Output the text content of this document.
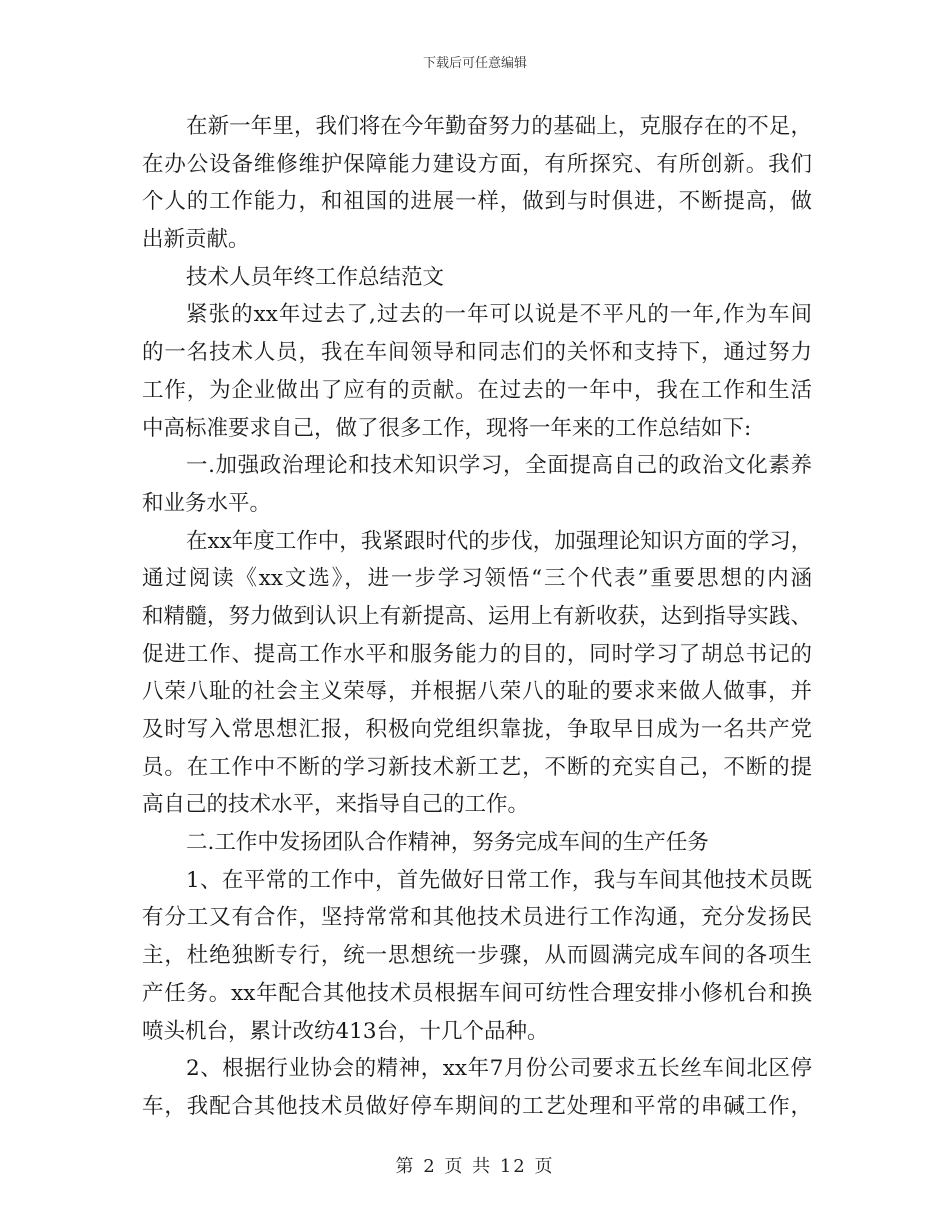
下载后可任意编辑
在新一年里，我们将在今年勤奋努力的基础上，克服存在的不足，
在办公设备维修维护保障能力建设方面，有所探究、有所创新。我们
个人的工作能力，和祖国的进展一样，做到与时俱进，不断提高，做
出新贡献。
技术人员年终工作总结范文
紧张的xx年过去了,过去的一年可以说是不平凡的一年,作为车间
的一名技术人员，我在车间领导和同志们的关怀和支持下，通过努力
工作，为企业做出了应有的贡献。在过去的一年中，我在工作和生活
中高标准要求自己，做了很多工作，现将一年来的工作总结如下:
一.加强政治理论和技术知识学习，全面提高自己的政治文化素养
和业务水平。
在xx年度工作中，我紧跟时代的步伐，加强理论知识方面的学习，
通过阅读《xx文选》，进一步学习领悟“三个代表”重要思想的内涵
和精髓，努力做到认识上有新提高、运用上有新收获，达到指导实践、
促进工作、提高工作水平和服务能力的目的，同时学习了胡总书记的
八荣八耻的社会主义荣辱，并根据八荣八的耻的要求来做人做事，并
及时写入常思想汇报，积极向党组织靠拢，争取早日成为一名共产党
员。在工作中不断的学习新技术新工艺，不断的充实自己，不断的提
高自己的技术水平，来指导自己的工作。
二.工作中发扬团队合作精神，努务完成车间的生产任务
1、在平常的工作中，首先做好日常工作，我与车间其他技术员既
有分工又有合作，坚持常常和其他技术员进行工作沟通，充分发扬民
主，杜绝独断专行，统一思想统一步骤，从而圆满完成车间的各项生
产任务。xx年配合其他技术员根据车间可纺性合理安排小修机台和换
喷头机台，累计改纺413台，十几个品种。
2、根据行业协会的精神，xx年7月份公司要求五长丝车间北区停
车，我配合其他技术员做好停车期间的工艺处理和平常的串碱工作，
第 2 页 共 12 页
